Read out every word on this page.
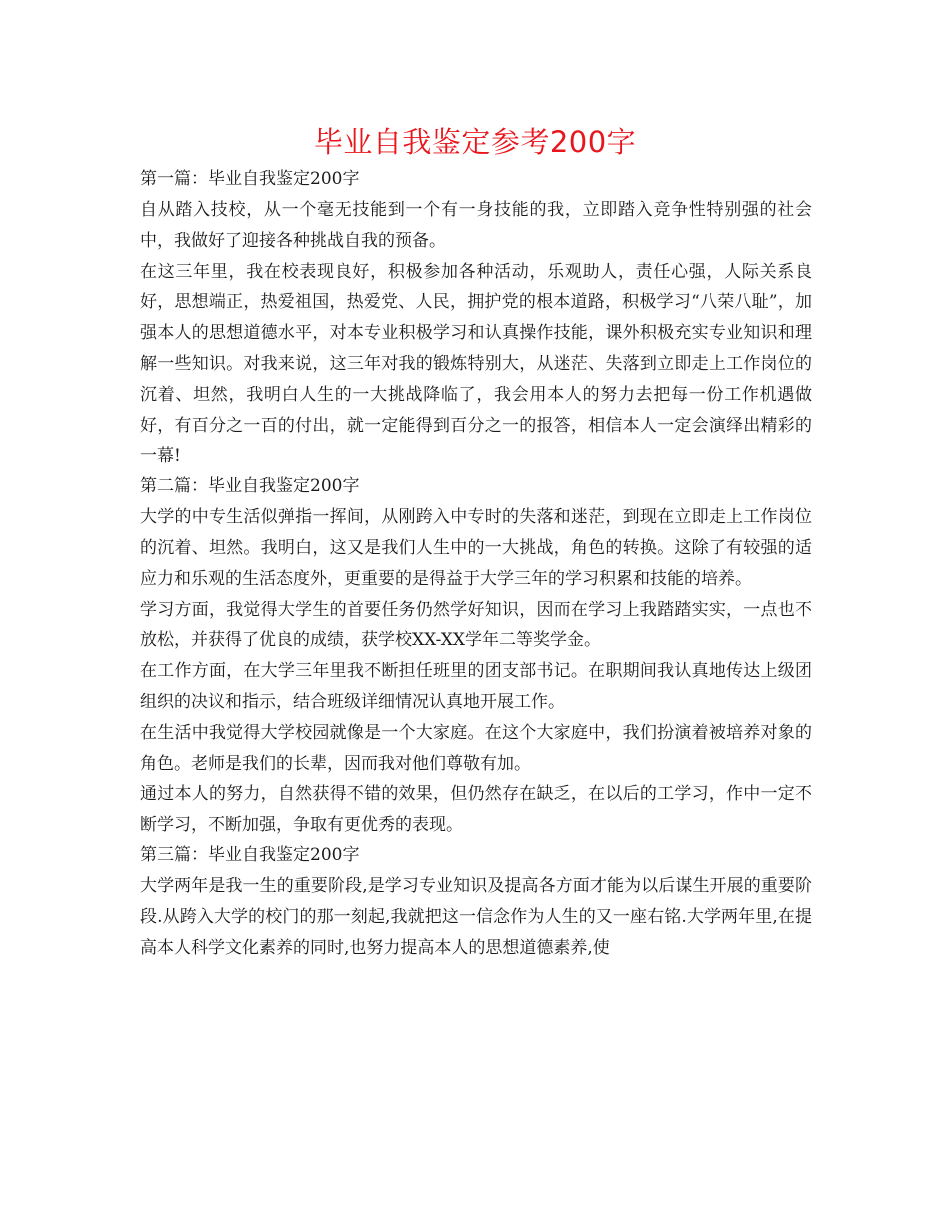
毕业自我鉴定参考200字

第一篇：毕业自我鉴定200字

自从踏入技校，从一个毫无技能到一个有一身技能的我，立即踏入竞争性特别强的社会中，我做好了迎接各种挑战自我的预备。

在这三年里，我在校表现良好，积极参加各种活动，乐观助人，责任心强，人际关系良好，思想端正，热爱祖国，热爱党、人民，拥护党的根本道路，积极学习“八荣八耻”，加强本人的思想道德水平，对本专业积极学习和认真操作技能，课外积极充实专业知识和理解一些知识。对我来说，这三年对我的锻炼特别大，从迷茫、失落到立即走上工作岗位的沉着、坦然，我明白人生的一大挑战降临了，我会用本人的努力去把每一份工作机遇做好，有百分之一百的付出，就一定能得到百分之一的报答，相信本人一定会演绎出精彩的一幕!

第二篇：毕业自我鉴定200字

大学的中专生活似弹指一挥间，从刚跨入中专时的失落和迷茫，到现在立即走上工作岗位的沉着、坦然。我明白，这又是我们人生中的一大挑战，角色的转换。这除了有较强的适应力和乐观的生活态度外，更重要的是得益于大学三年的学习积累和技能的培养。

学习方面，我觉得大学生的首要任务仍然学好知识，因而在学习上我踏踏实实，一点也不放松，并获得了优良的成绩，获学校XX-XX学年二等奖学金。

在工作方面，在大学三年里我不断担任班里的团支部书记。在职期间我认真地传达上级团组织的决议和指示，结合班级详细情况认真地开展工作。

在生活中我觉得大学校园就像是一个大家庭。在这个大家庭中，我们扮演着被培养对象的角色。老师是我们的长辈，因而我对他们尊敬有加。

通过本人的努力，自然获得不错的效果，但仍然存在缺乏，在以后的工学习，作中一定不断学习，不断加强，争取有更优秀的表现。

第三篇：毕业自我鉴定200字

大学两年是我一生的重要阶段,是学习专业知识及提高各方面才能为以后谋生开展的重要阶段.从跨入大学的校门的那一刻起,我就把这一信念作为人生的又一座右铭.大学两年里,在提高本人科学文化素养的同时,也努力提高本人的思想道德素养,使
